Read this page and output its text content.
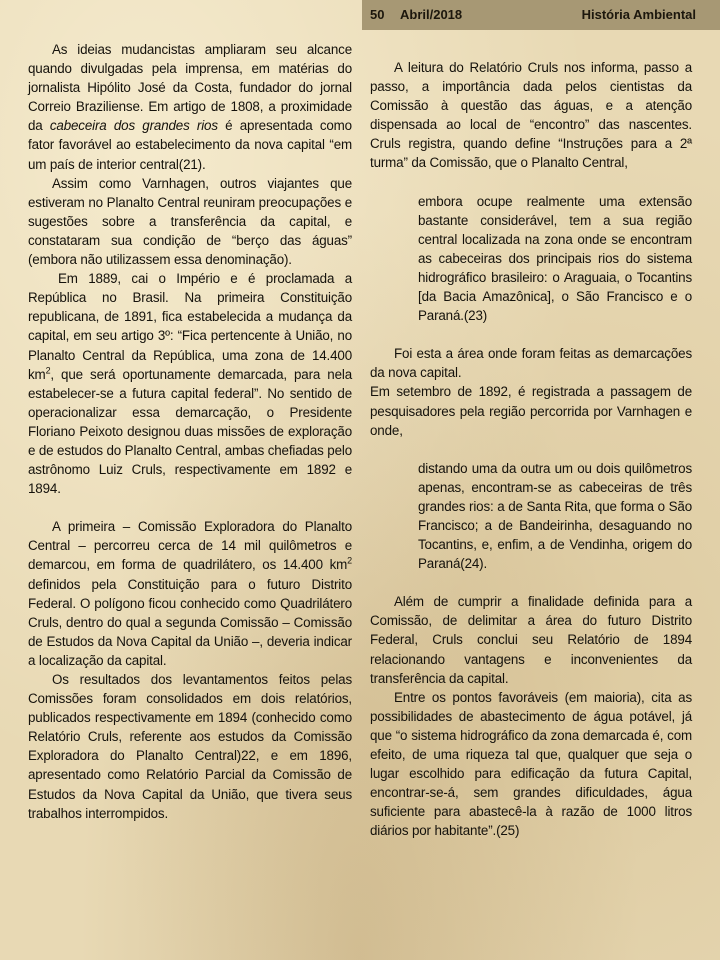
50 Abril/2018	História Ambiental

As ideias mudancistas ampliaram seu alcance quando divulgadas pela imprensa, em matérias do jornalista Hipólito José da Costa, fundador do jornal Correio Braziliense. Em artigo de 1808, a proximidade da cabeceira dos grandes rios é apresentada como fator favorável ao estabelecimento da nova capital “em um país de interior central(21).

Assim como Varnhagen, outros viajantes que estiveram no Planalto Central reuniram preocupações e sugestões sobre a transferência da capital, e constataram sua condição de “berço das águas” (embora não utilizassem essa denominação).

Em 1889, cai o Império e é proclamada a República no Brasil. Na primeira Constituição republicana, de 1891, fica estabelecida a mudança da capital, em seu artigo 3º: “Fica pertencente à União, no Planalto Central da República, uma zona de 14.400 $km^2$, que será oportunamente demarcada, para nela estabelecer-se a futura capital federal”. No sentido de operacionalizar essa demarcação, o Presidente Floriano Peixoto designou duas missões de exploração e de estudos do Planalto Central, ambas chefiadas pelo astrônomo Luiz Cruls, respectivamente em 1892 e 1894.

A primeira – Comissão Exploradora do Planalto Central – percorreu cerca de 14 mil quilômetros e demarcou, em forma de quadrilátero, os 14.400 $km^2$ definidos pela Constituição para o futuro Distrito Federal. O polígono ficou conhecido como Quadrilátero Cruls, dentro do qual a segunda Comissão – Comissão de Estudos da Nova Capital da União –, deveria indicar a localização da capital.

Os resultados dos levantamentos feitos pelas Comissões foram consolidados em dois relatórios, publicados respectivamente em 1894 (conhecido como Relatório Cruls, referente aos estudos da Comissão Exploradora do Planalto Central)22, e em 1896, apresentado como Relatório Parcial da Comissão de Estudos da Nova Capital da União, que tivera seus trabalhos interrompidos.

A leitura do Relatório Cruls nos informa, passo a passo, a importância dada pelos cientistas da Comissão à questão das águas, e a atenção dispensada ao local de “encontro” das nascentes. Cruls registra, quando define “Instruções para a 2ª turma” da Comissão, que o Planalto Central,

embora ocupe realmente uma extensão bastante considerável, tem a sua região central localizada na zona onde se encontram as cabeceiras dos principais rios do sistema hidrográfico brasileiro: o Araguaia, o Tocantins [da Bacia Amazônica], o São Francisco e o Paraná.(23)

Foi esta a área onde foram feitas as demarcações da nova capital.

Em setembro de 1892, é registrada a passagem de pesquisadores pela região percorrida por Varnhagen e onde,

distando uma da outra um ou dois quilômetros apenas, encontram-se as cabeceiras de três grandes rios: a de Santa Rita, que forma o São Francisco; a de Bandeirinha, desaguando no Tocantins, e, enfim, a de Vendinha, origem do Paraná(24).

Além de cumprir a finalidade definida para a Comissão, de delimitar a área do futuro Distrito Federal, Cruls conclui seu Relatório de 1894 relacionando vantagens e inconvenientes da transferência da capital.

Entre os pontos favoráveis (em maioria), cita as possibilidades de abastecimento de água potável, já que “o sistema hidrográfico da zona demarcada é, com efeito, de uma riqueza tal que, qualquer que seja o lugar escolhido para edificação da futura Capital, encontrar-se-á, sem grandes dificuldades, água suficiente para abastecê-la à razão de 1000 litros diários por habitante”.(25)
